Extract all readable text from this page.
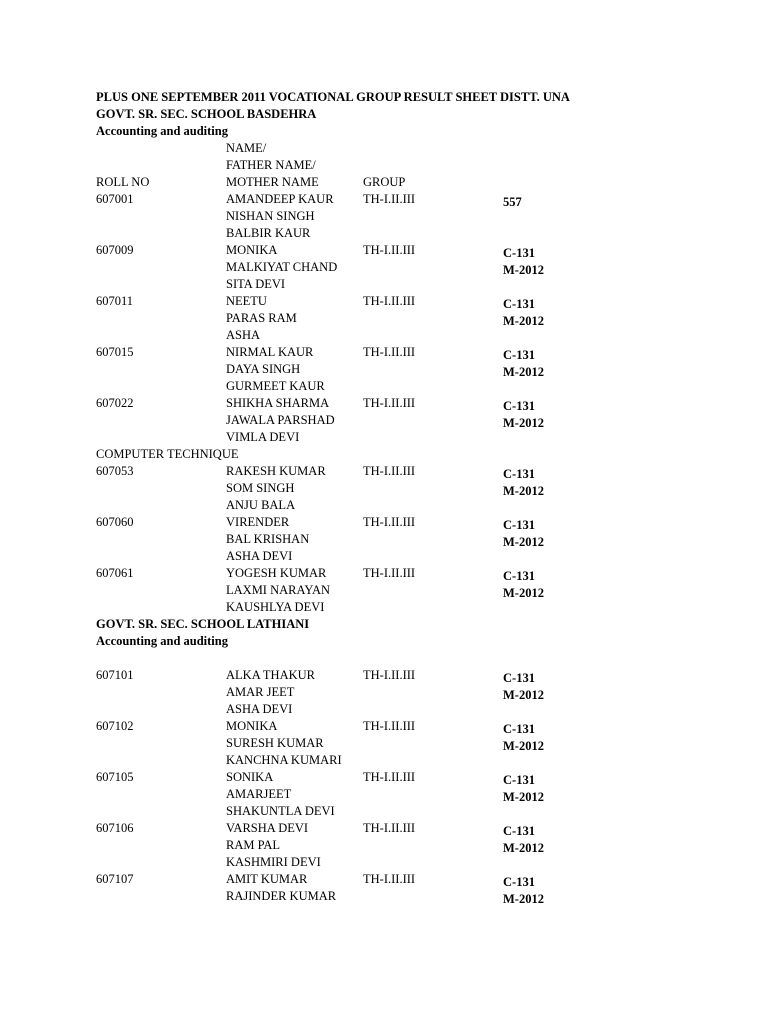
PLUS ONE SEPTEMBER 2011 VOCATIONAL GROUP RESULT SHEET DISTT. UNA
GOVT. SR. SEC. SCHOOL BASDEHRA
Accounting and auditing
ROLL NO
NAME/
FATHER NAME/
MOTHER NAME	GROUP
607001	AMANDEEP KAUR
NISHAN SINGH
BALBIR KAUR
TH-I.II.III	557
607009	MONIKA
MALKIYAT CHAND
SITA DEVI
TH-I.II.III	C-131
M-2012
607011	NEETU
PARAS RAM
ASHA
TH-I.II.III	C-131
M-2012
607015	NIRMAL KAUR
DAYA SINGH
GURMEET KAUR
TH-I.II.III	C-131
M-2012
607022	SHIKHA SHARMA
JAWALA PARSHAD
VIMLA DEVI
TH-I.II.III	C-131
M-2012
COMPUTER TECHNIQUE
607053	RAKESH KUMAR
SOM SINGH
ANJU BALA
TH-I.II.III	C-131
M-2012
607060	VIRENDER
BAL KRISHAN
ASHA DEVI
TH-I.II.III	C-131
M-2012
607061	YOGESH KUMAR
LAXMI NARAYAN
KAUSHLYA DEVI
TH-I.II.III	C-131
M-2012
GOVT. SR. SEC. SCHOOL LATHIANI
Accounting and auditing
607101	ALKA THAKUR
AMAR JEET
ASHA DEVI
TH-I.II.III	C-131
M-2012
607102	MONIKA
SURESH KUMAR
KANCHNA KUMARI
TH-I.II.III	C-131
M-2012
607105	SONIKA
AMARJEET
SHAKUNTLA DEVI
TH-I.II.III	C-131
M-2012
607106	VARSHA DEVI
RAM PAL
KASHMIRI DEVI
TH-I.II.III	C-131
M-2012
607107	AMIT KUMAR
RAJINDER KUMAR
TH-I.II.III	C-131
M-2012
